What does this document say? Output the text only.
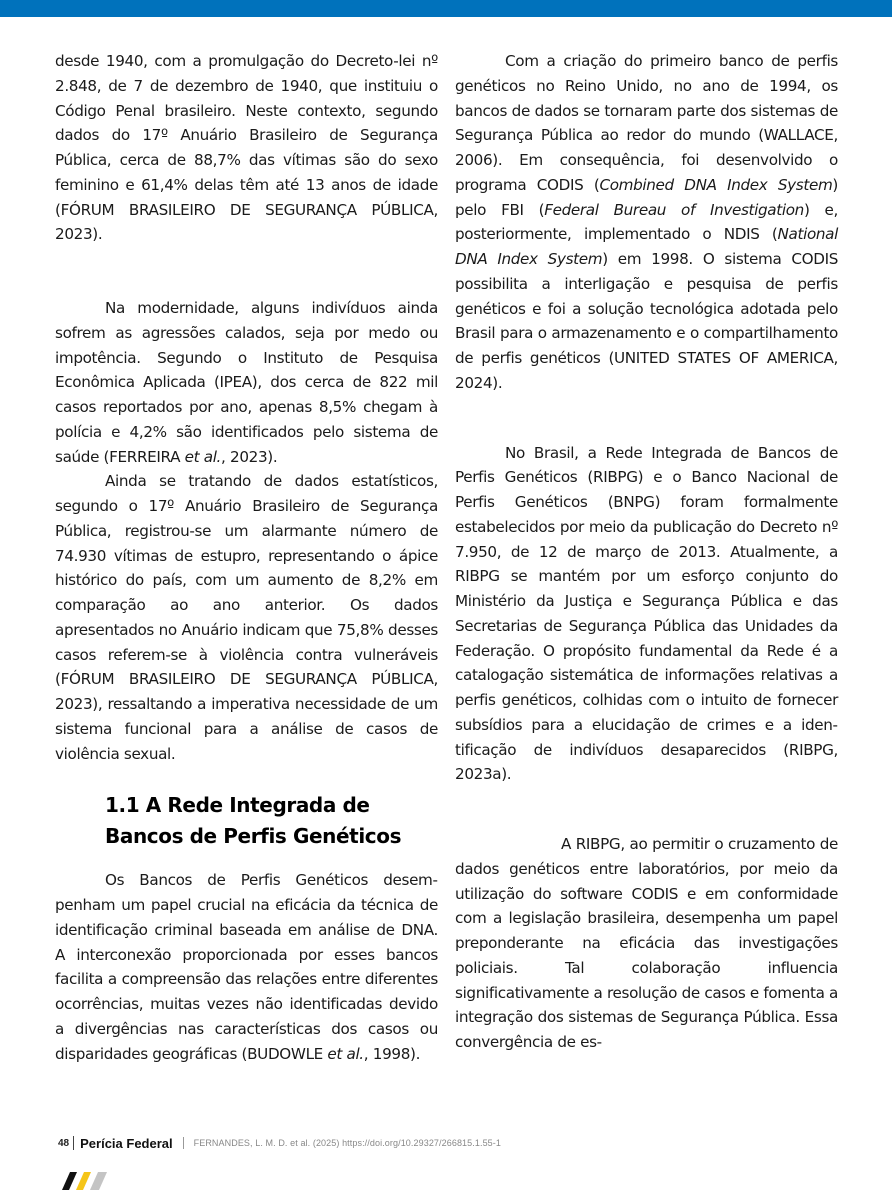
desde 1940, com a promulgação do Decreto-lei nº 2.848, de 7 de dezembro de 1940, que instituiu o Código Penal brasileiro. Neste contexto, segundo dados do 17º Anuário Brasileiro de Segurança Pública, cerca de 88,7% das vítimas são do sexo feminino e 61,4% delas têm até 13 anos de idade (FÓRUM BRASILEIRO DE SEGURANÇA PÚBLICA, 2023).

Na modernidade, alguns indivíduos ainda sofrem as agressões calados, seja por medo ou impotência. Segundo o Instituto de Pesquisa Econômica Aplicada (IPEA), dos cerca de 822 mil casos reportados por ano, apenas 8,5% chegam à polícia e 4,2% são identificados pelo sistema de saúde (FERREIRA et al., 2023).

Ainda se tratando de dados estatísticos, segundo o 17º Anuário Brasileiro de Segurança Pública, registrou-se um alarmante número de 74.930 vítimas de estupro, representando o ápice histórico do país, com um aumento de 8,2% em comparação ao ano anterior. Os dados apresentados no Anuário indicam que 75,8% desses casos referem-se à violência contra vulneráveis (FÓRUM BRASILEIRO DE SEGURANÇA PÚBLICA, 2023), ressaltando a imperativa necessidade de um sistema funcional para a análise de casos de violência sexual.

1.1 A Rede Integrada de
Bancos de Perfis Genéticos

Os Bancos de Perfis Genéticos desempenham um papel crucial na eficácia da técnica de identificação criminal baseada em análise de DNA. A interconexão proporcionada por esses bancos facilita a compreensão das relações entre diferentes ocorrências, muitas vezes não identificadas devido a divergências nas características dos casos ou disparidades geográficas (BUDOWLE et al., 1998).

Com a criação do primeiro banco de perfis genéticos no Reino Unido, no ano de 1994, os bancos de dados se tornaram parte dos sistemas de Segurança Pública ao redor do mundo (WALLACE, 2006). Em consequência, foi desenvolvido o programa CODIS (Combined DNA Index System) pelo FBI (Federal Bureau of Investigation) e, posteriormente, implementado o NDIS (National DNA Index System) em 1998. O sistema CODIS possibilita a interligação e pesquisa de perfis genéticos e foi a solução tecnológica adotada pelo Brasil para o armazenamento e o compartilhamento de perfis genéticos (UNITED STATES OF AMERICA, 2024).

No Brasil, a Rede Integrada de Bancos de Perfis Genéticos (RIBPG) e o Banco Nacional de Perfis Genéticos (BNPG) foram formalmente estabelecidos por meio da publicação do Decreto nº 7.950, de 12 de março de 2013. Atualmente, a RIBPG se mantém por um esforço conjunto do Ministério da Justiça e Segurança Pública e das Secretarias de Segurança Pública das Unidades da Federação. O propósito fundamental da Rede é a catalogação sistemática de informações relativas a perfis genéticos, colhidas com o intuito de fornecer subsídios para a elucidação de crimes e a identificação de indivíduos desaparecidos (RIBPG, 2023a).

A RIBPG, ao permitir o cruzamento de dados genéticos entre laboratórios, por meio da utilização do software CODIS e em conformidade com a legislação brasileira, desempenha um papel preponderante na eficácia das investigações policiais. Tal colaboração influencia significativamente a resolução de casos e fomenta a integração dos sistemas de Segurança Pública. Essa convergência de es-

48 Perícia Federal FERNANDES, L. M. D. et al. (2025) https://doi.org/10.29327/266815.1.55-1
